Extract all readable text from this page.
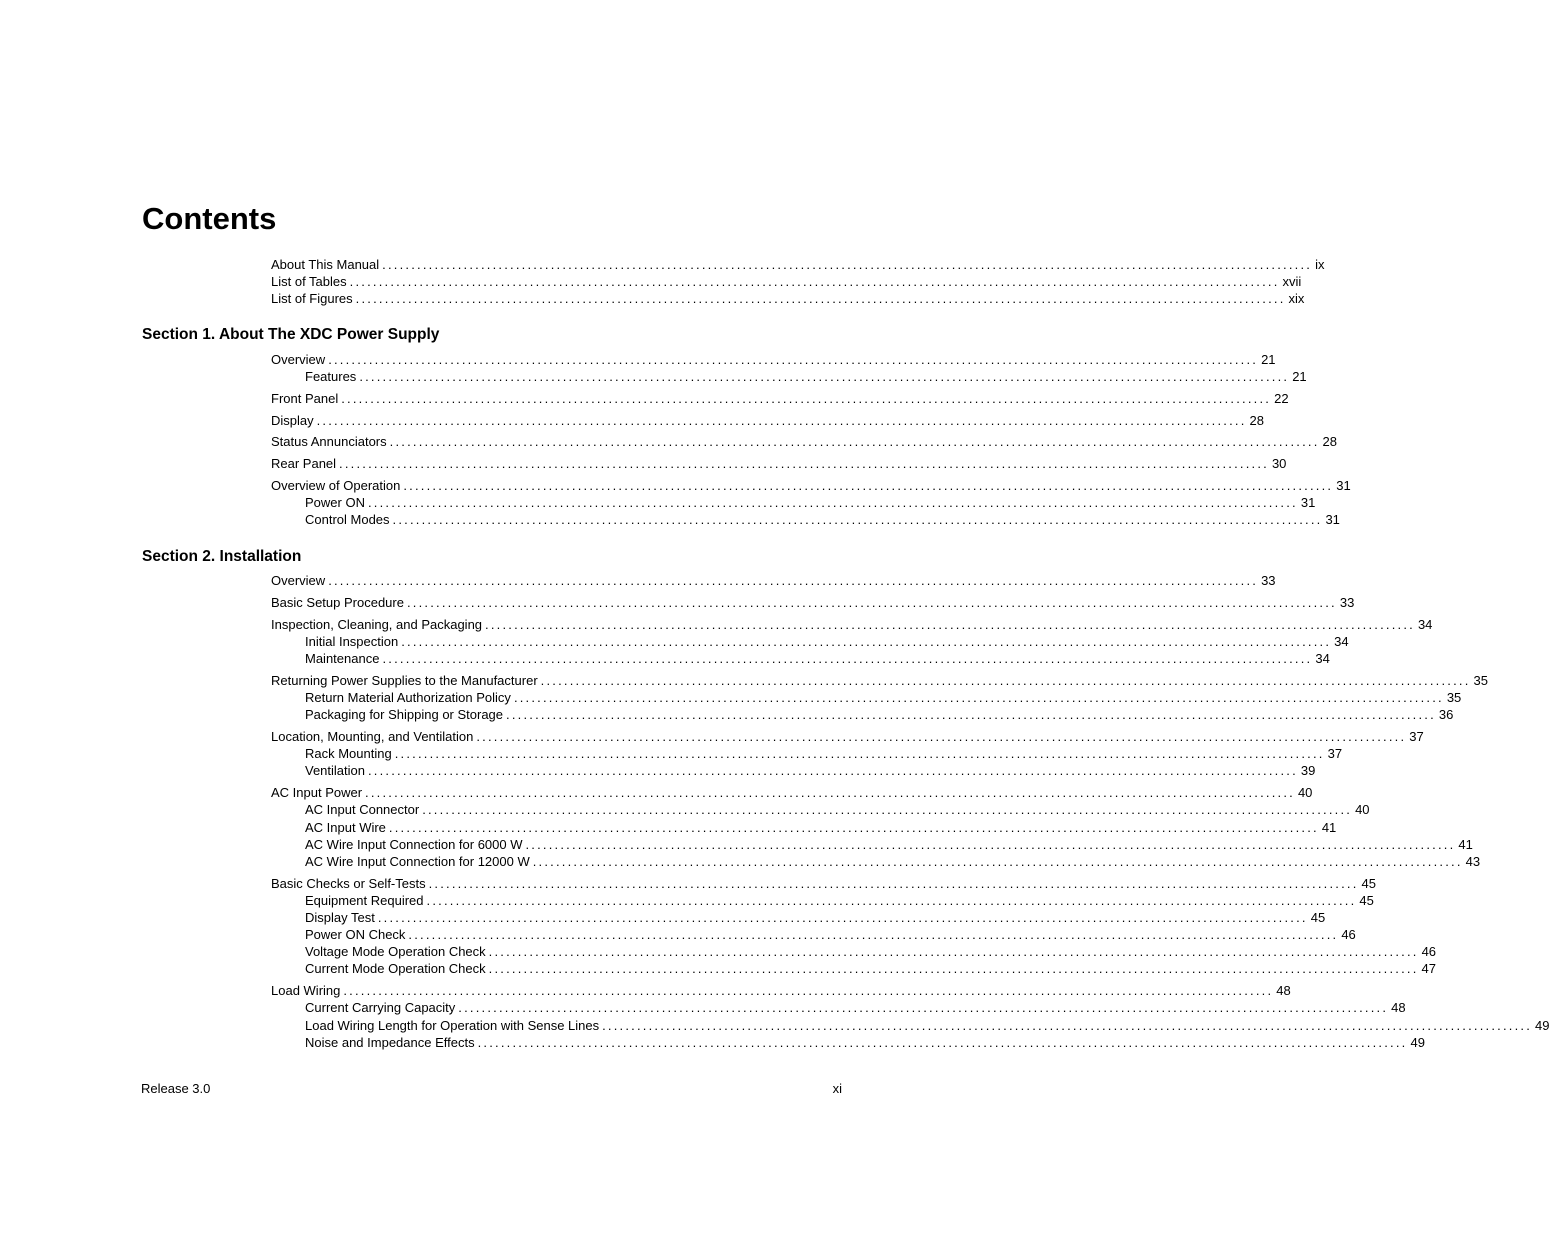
Contents
About This Manual ................................................................................................................................................................ ix
List of Tables ................................................................................................................................................................ xvii
List of Figures ................................................................................................................................................................ xix
Section 1. About The XDC Power Supply
Overview ................................................................................................................................................................ 21
Features ................................................................................................................................................................ 21
Front Panel ................................................................................................................................................................ 22
Display ................................................................................................................................................................ 28
Status Annunciators ................................................................................................................................................................ 28
Rear Panel ................................................................................................................................................................ 30
Overview of Operation ................................................................................................................................................................ 31
Power ON ................................................................................................................................................................ 31
Control Modes ................................................................................................................................................................ 31
Section 2. Installation
Overview ................................................................................................................................................................ 33
Basic Setup Procedure ................................................................................................................................................................ 33
Inspection, Cleaning, and Packaging ................................................................................................................................................................ 34
Initial Inspection ................................................................................................................................................................ 34
Maintenance ................................................................................................................................................................ 34
Returning Power Supplies to the Manufacturer ................................................................................................................................................................ 35
Return Material Authorization Policy ................................................................................................................................................................ 35
Packaging for Shipping or Storage ................................................................................................................................................................ 36
Location, Mounting, and Ventilation ................................................................................................................................................................ 37
Rack Mounting ................................................................................................................................................................ 37
Ventilation ................................................................................................................................................................ 39
AC Input Power ................................................................................................................................................................ 40
AC Input Connector ................................................................................................................................................................ 40
AC Input Wire ................................................................................................................................................................ 41
AC Wire Input Connection for 6000 W ................................................................................................................................................................ 41
AC Wire Input Connection for 12000 W ................................................................................................................................................................ 43
Basic Checks or Self-Tests ................................................................................................................................................................ 45
Equipment Required ................................................................................................................................................................ 45
Display Test ................................................................................................................................................................ 45
Power ON Check ................................................................................................................................................................ 46
Voltage Mode Operation Check ................................................................................................................................................................ 46
Current Mode Operation Check ................................................................................................................................................................ 47
Load Wiring ................................................................................................................................................................ 48
Current Carrying Capacity ................................................................................................................................................................ 48
Load Wiring Length for Operation with Sense Lines ................................................................................................................................................................ 49
Noise and Impedance Effects ................................................................................................................................................................ 49

Release 3.0	xi
